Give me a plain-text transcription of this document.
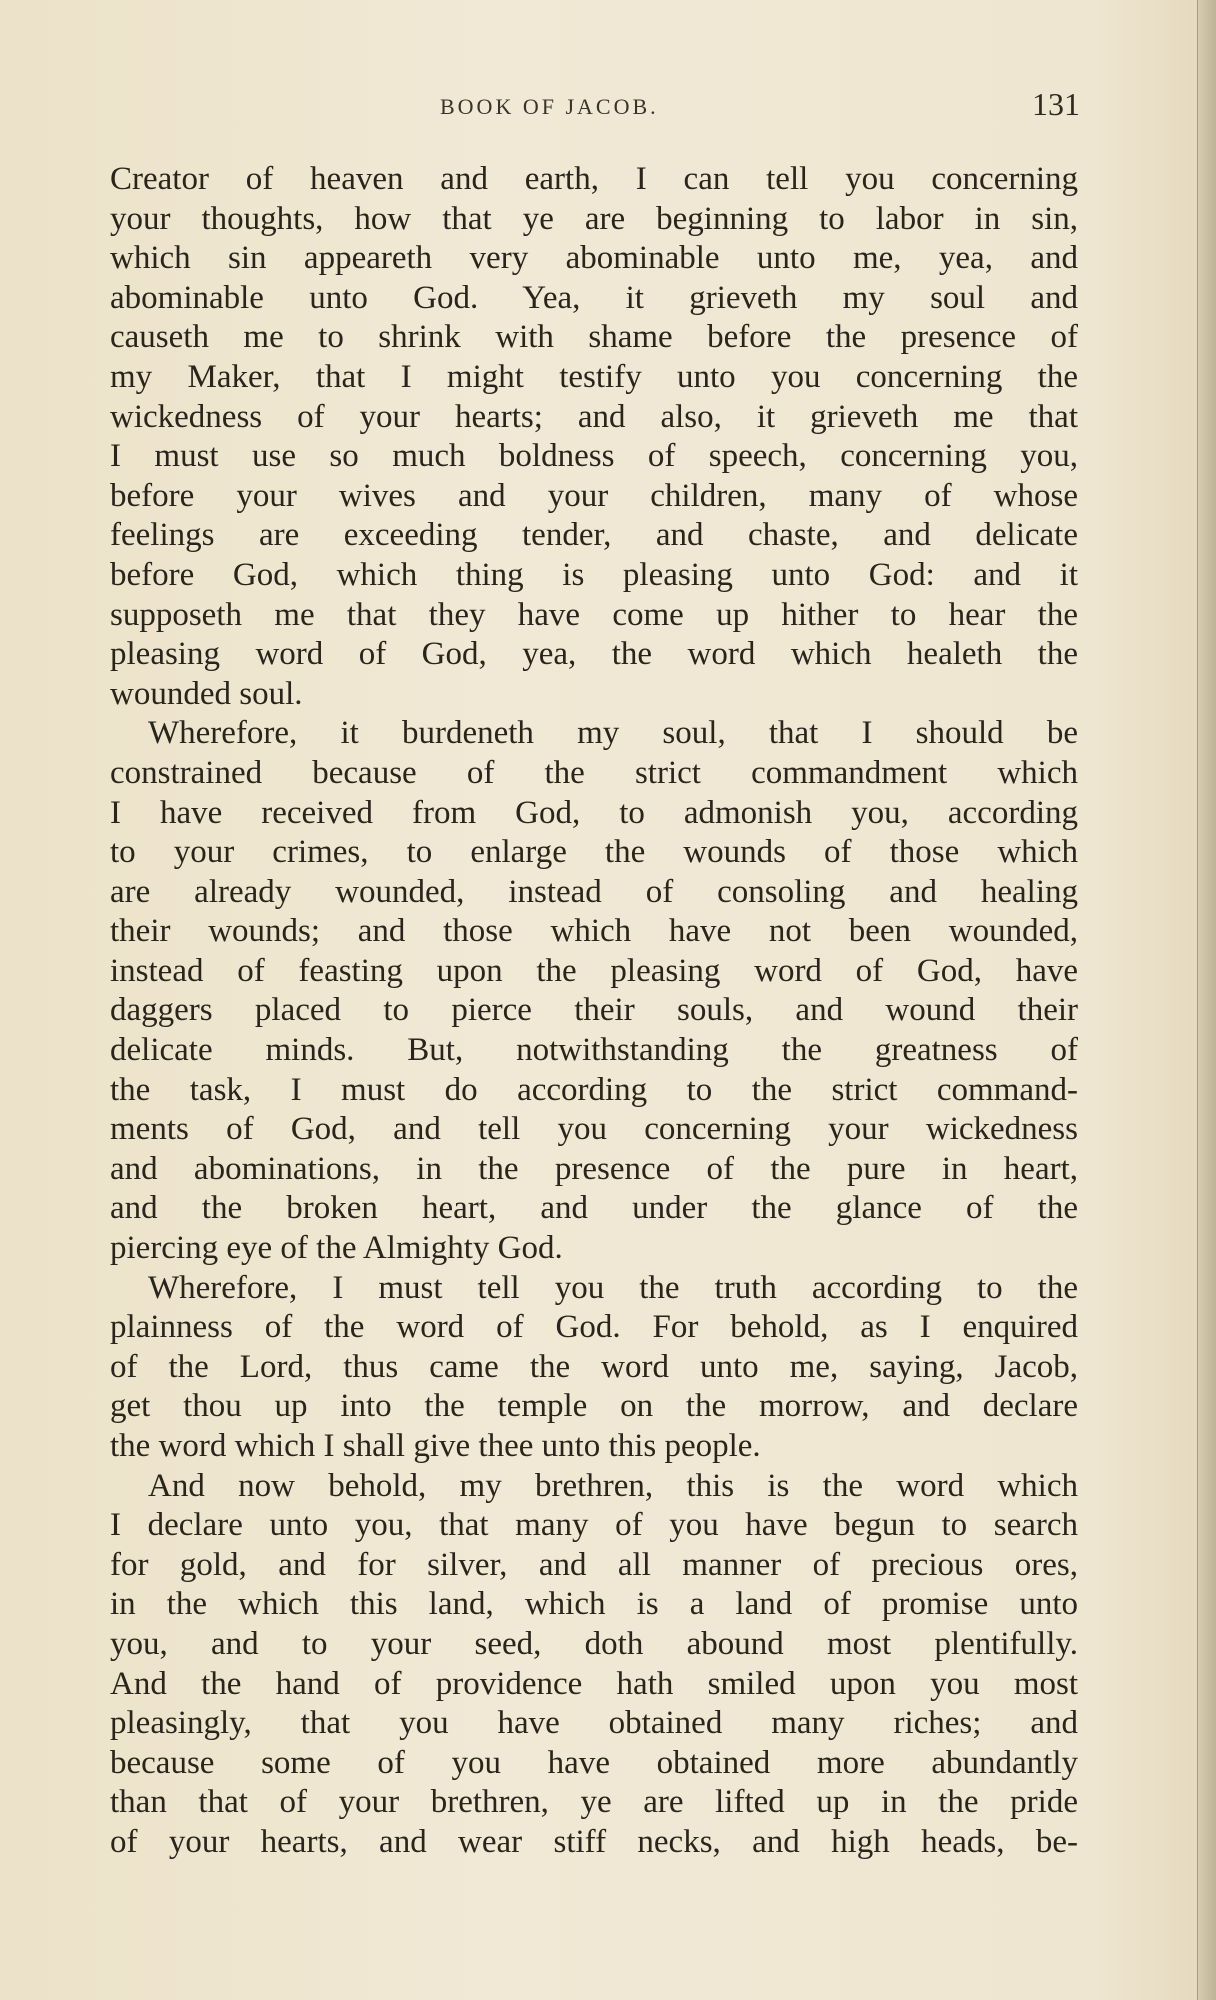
BOOK OF JACOB.	131
Creator of heaven and earth, I can tell you concerning
your thoughts, how that ye are beginning to labor in sin,
which sin appeareth very abominable unto me, yea, and
abominable unto God. Yea, it grieveth my soul and
causeth me to shrink with shame before the presence of
my Maker, that I might testify unto you concerning the
wickedness of your hearts; and also, it grieveth me that
I must use so much boldness of speech, concerning you,
before your wives and your children, many of whose
feelings are exceeding tender, and chaste, and delicate
before God, which thing is pleasing unto God: and it
supposeth me that they have come up hither to hear the
pleasing word of God, yea, the word which healeth the
wounded soul.
Wherefore, it burdeneth my soul, that I should be
constrained because of the strict commandment which
I have received from God, to admonish you, according
to your crimes, to enlarge the wounds of those which
are already wounded, instead of consoling and healing
their wounds; and those which have not been wounded,
instead of feasting upon the pleasing word of God, have
daggers placed to pierce their souls, and wound their
delicate minds. But, notwithstanding the greatness of
the task, I must do according to the strict command-
ments of God, and tell you concerning your wickedness
and abominations, in the presence of the pure in heart,
and the broken heart, and under the glance of the
piercing eye of the Almighty God.
Wherefore, I must tell you the truth according to the
plainness of the word of God. For behold, as I enquired
of the Lord, thus came the word unto me, saying, Jacob,
get thou up into the temple on the morrow, and declare
the word which I shall give thee unto this people.
And now behold, my brethren, this is the word which
I declare unto you, that many of you have begun to search
for gold, and for silver, and all manner of precious ores,
in the which this land, which is a land of promise unto
you, and to your seed, doth abound most plentifully.
And the hand of providence hath smiled upon you most
pleasingly, that you have obtained many riches; and
because some of you have obtained more abundantly
than that of your brethren, ye are lifted up in the pride
of your hearts, and wear stiff necks, and high heads, be-
